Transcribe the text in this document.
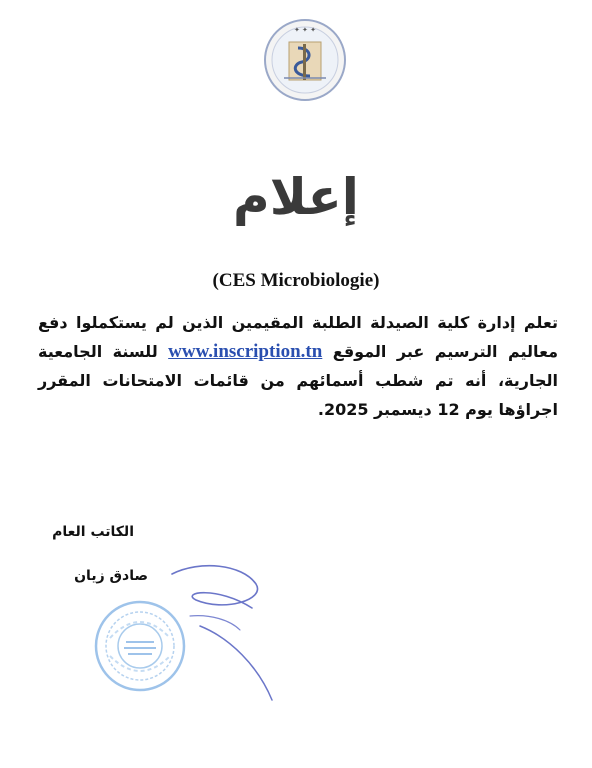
✦ ✦ ✦
إعلام
(CES Microbiologie)
تعلم إدارة كلية الصيدلة الطلبة المقيمين الذين لم يستكملوا دفع معاليم الترسيم عبر الموقع www.inscription.tn للسنة الجامعية الجارية، أنه تم شطب أسمائهم من قائمات الامتحانات المقرر اجراؤها يوم 12 ديسمبر 2025.
الكاتب العام
صادق زيان
